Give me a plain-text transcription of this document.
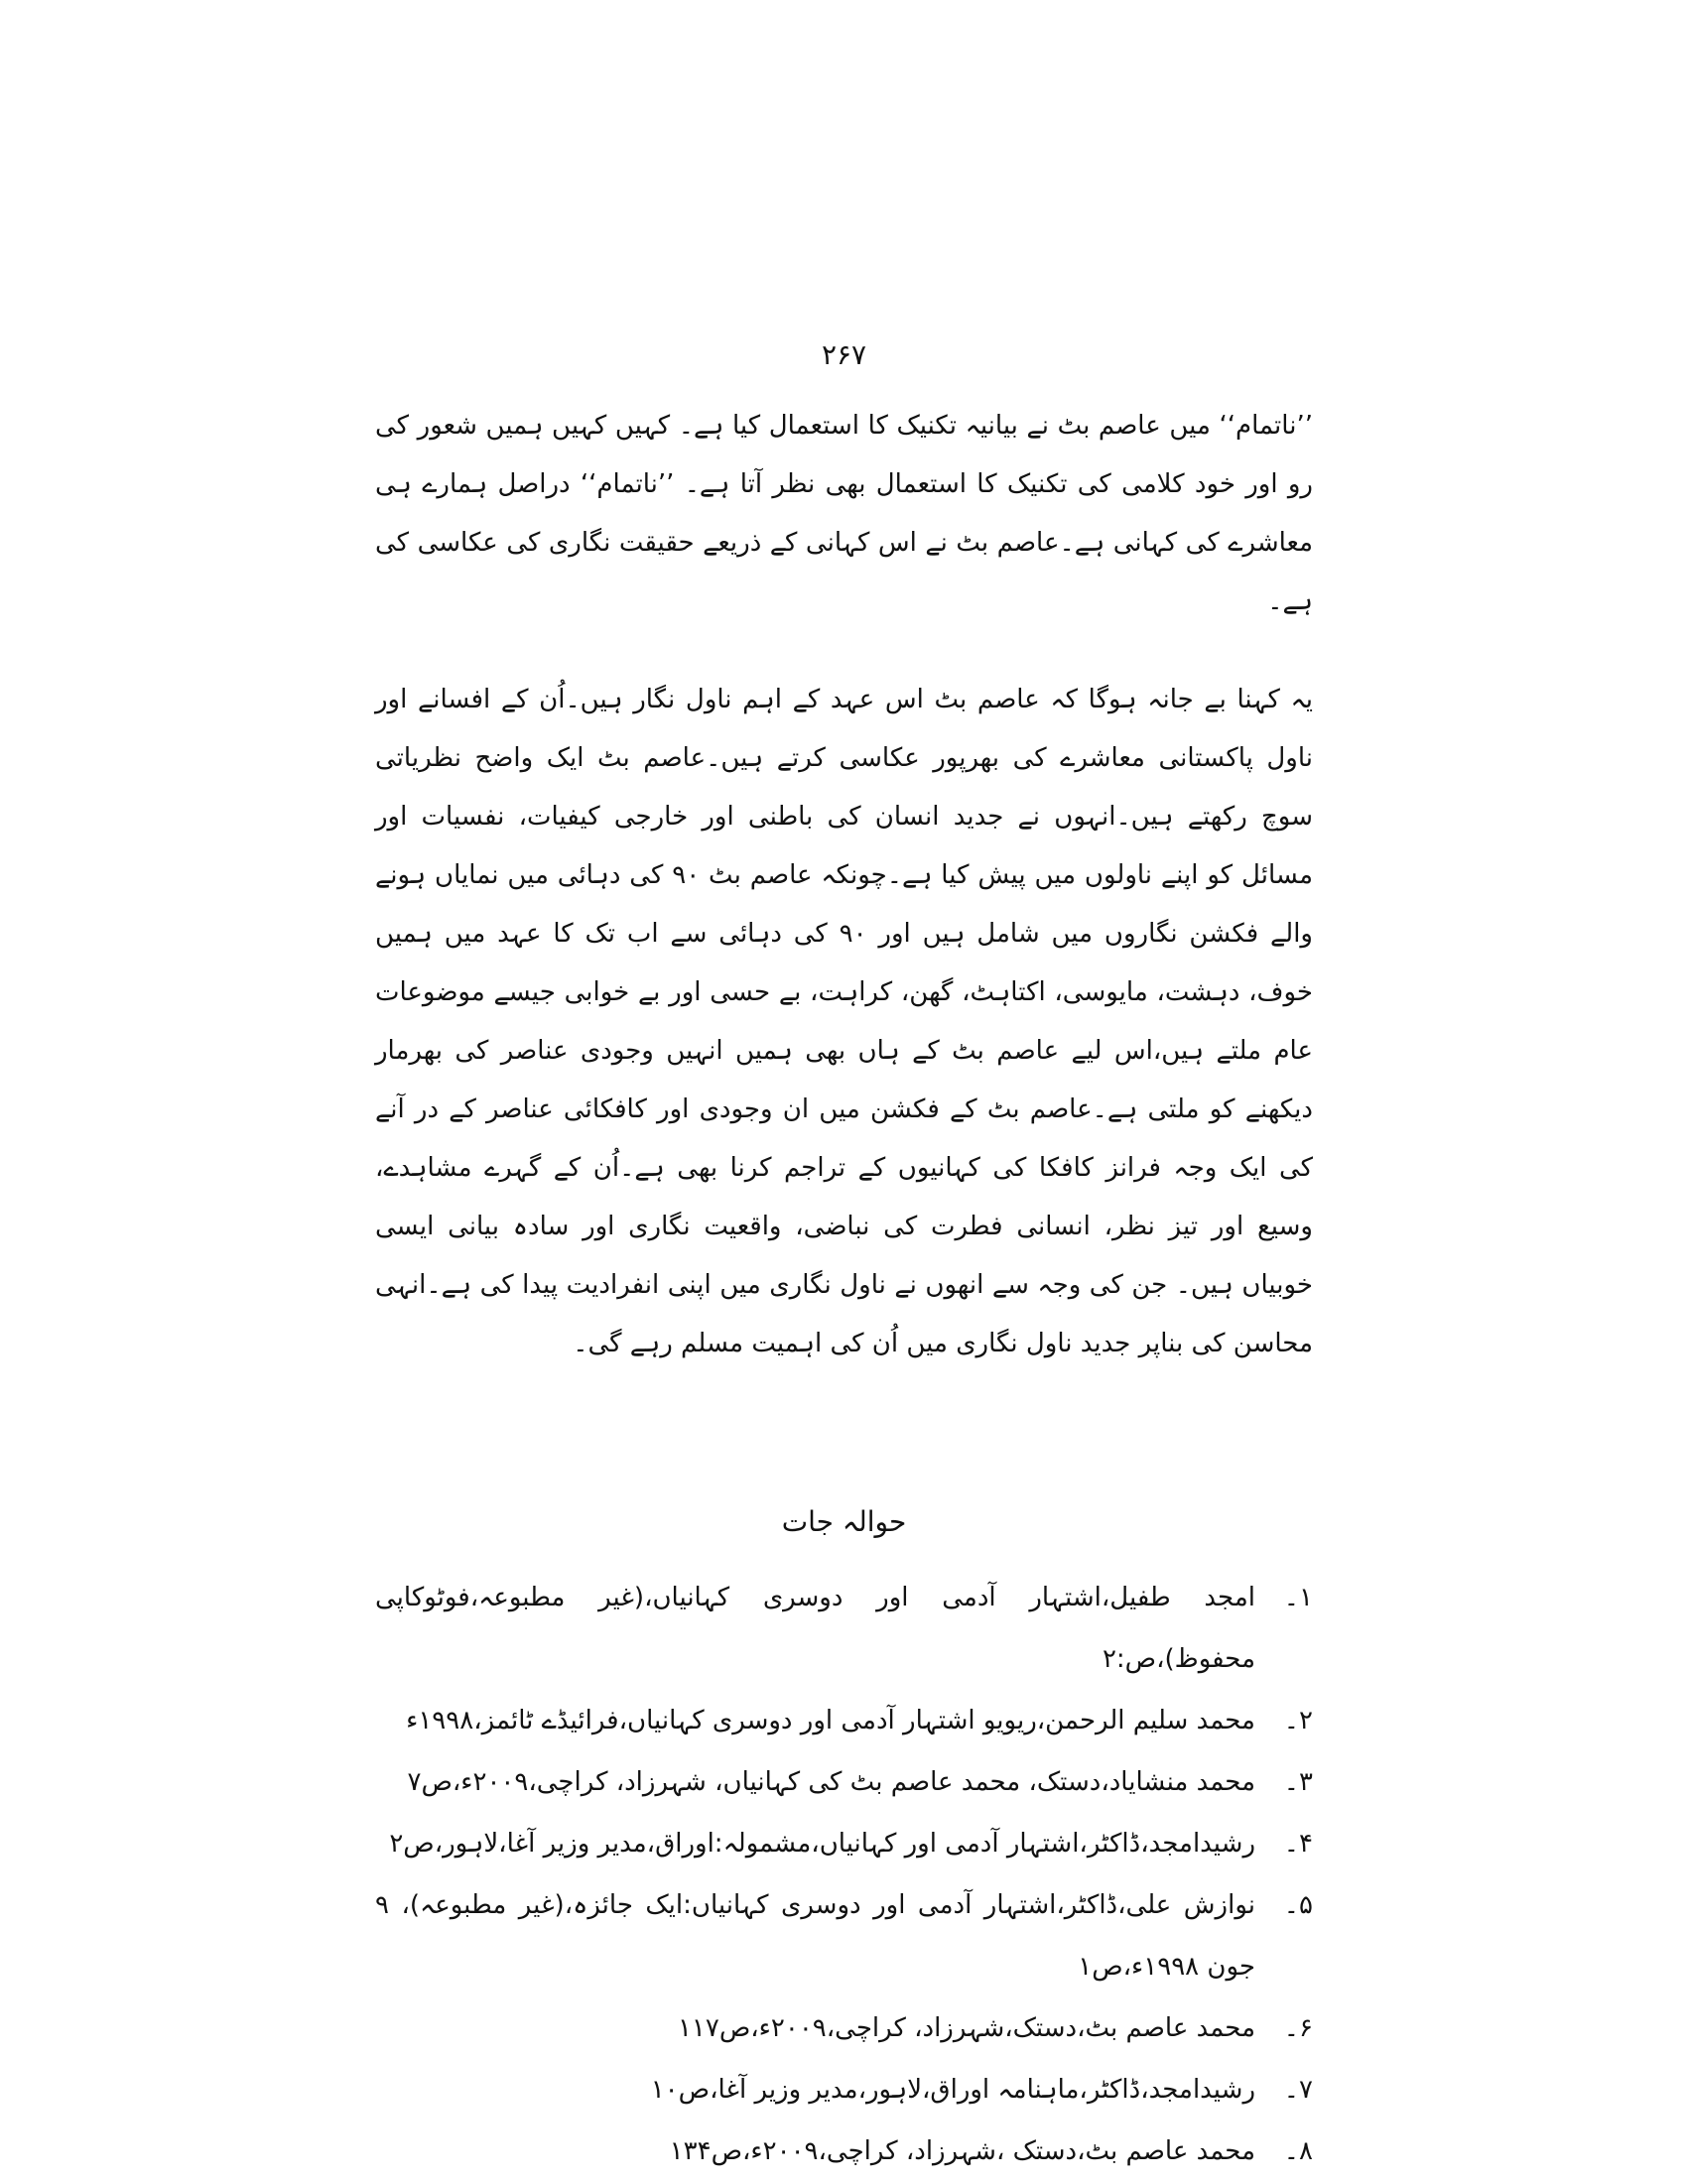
۲۶۷

’’ناتمام‘‘ میں عاصم بٹ نے بیانیہ تکنیک کا استعمال کیا ہے۔ کہیں کہیں ہمیں شعور کی رو اور خود کلامی کی تکنیک کا استعمال بھی نظر آتا ہے۔ ’’ناتمام‘‘ دراصل ہمارے ہی معاشرے کی کہانی ہے۔عاصم بٹ نے اس کہانی کے ذریعے حقیقت نگاری کی عکاسی کی ہے۔

یہ کہنا بے جانہ ہوگا کہ عاصم بٹ اس عہد کے اہم ناول نگار ہیں۔اُن کے افسانے اور ناول پاکستانی معاشرے کی بھرپور عکاسی کرتے ہیں۔عاصم بٹ ایک واضح نظریاتی سوچ رکھتے ہیں۔انہوں نے جدید انسان کی باطنی اور خارجی کیفیات، نفسیات اور مسائل کو اپنے ناولوں میں پیش کیا ہے۔چونکہ عاصم بٹ ۹۰ کی دہائی میں نمایاں ہونے والے فکشن نگاروں میں شامل ہیں اور ۹۰ کی دہائی سے اب تک کا عہد میں ہمیں خوف، دہشت، مایوسی، اکتاہٹ، گھن، کراہت، بے حسی اور بے خوابی جیسے موضوعات عام ملتے ہیں،اس لیے عاصم بٹ کے ہاں بھی ہمیں انہیں وجودی عناصر کی بھرمار دیکھنے کو ملتی ہے۔عاصم بٹ کے فکشن میں ان وجودی اور کافکائی عناصر کے در آنے کی ایک وجہ فرانز کافکا کی کہانیوں کے تراجم کرنا بھی ہے۔اُن کے گہرے مشاہدے، وسیع اور تیز نظر، انسانی فطرت کی نباضی، واقعیت نگاری اور سادہ بیانی ایسی خوبیاں ہیں۔ جن کی وجہ سے انھوں نے ناول نگاری میں اپنی انفرادیت پیدا کی ہے۔انہی محاسن کی بناپر جدید ناول نگاری میں اُن کی اہمیت مسلم رہے گی۔

حوالہ جات
۱۔
امجد طفیل،اشتہار آدمی اور دوسری کہانیاں،(غیر مطبوعہ،فوٹوکاپی محفوظ)،ص:۲
۲۔
محمد سلیم الرحمن،ریویو اشتہار آدمی اور دوسری کہانیاں،فرائیڈے ٹائمز،۱۹۹۸ء
۳۔
محمد منشایاد،دستک، محمد عاصم بٹ کی کہانیاں، شہرزاد، کراچی،۲۰۰۹ء،ص۷
۴۔
رشیدامجد،ڈاکٹر،اشتہار آدمی اور کہانیاں،مشمولہ:اوراق،مدیر وزیر آغا،لاہور،ص۲
۵۔
نوازش علی،ڈاکٹر،اشتہار آدمی اور دوسری کہانیاں:ایک جائزہ،(غیر مطبوعہ)، ۹ جون ۱۹۹۸ء،ص۱
۶۔
محمد عاصم بٹ،دستک،شہرزاد، کراچی،۲۰۰۹ء،ص۱۱۷
۷۔
رشیدامجد،ڈاکٹر،ماہنامہ اوراق،لاہور،مدیر وزیر آغا،ص۱۰
۸۔
محمد عاصم بٹ،دستک ،شہرزاد، کراچی،۲۰۰۹ء،ص۱۳۴
